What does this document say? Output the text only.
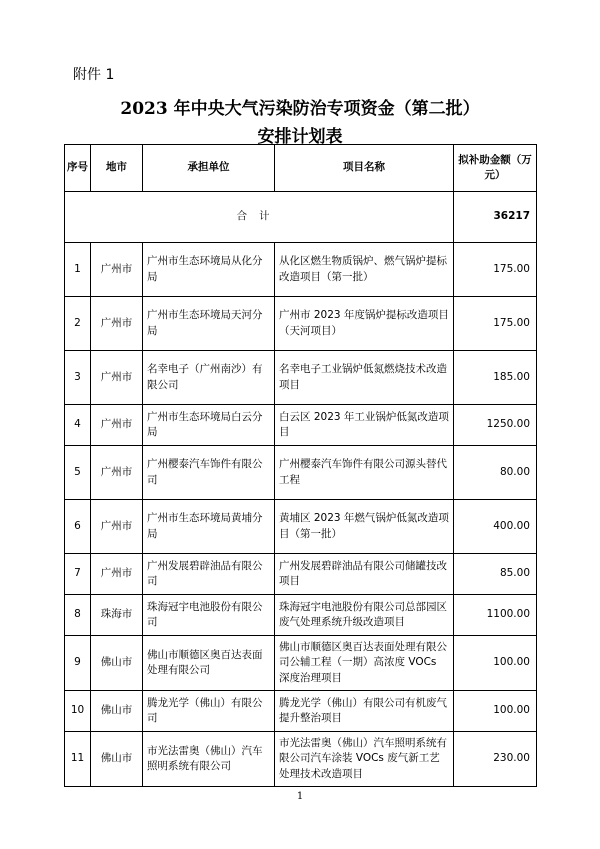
附件 1
2023 年中央大气污染防治专项资金（第二批）
安排计划表
序号	地市	承担单位	项目名称	拟补助金额（万元）
合计				36217
1	广州市	广州市生态环境局从化分局	从化区燃生物质锅炉、燃气锅炉提标改造项目（第一批）	175.00
2	广州市	广州市生态环境局天河分局	广州市 2023 年度锅炉提标改造项目（天河项目）	175.00
3	广州市	名幸电子（广州南沙）有限公司	名幸电子工业锅炉低氮燃烧技术改造项目	185.00
4	广州市	广州市生态环境局白云分局	白云区 2023 年工业锅炉低氮改造项目	1250.00
5	广州市	广州樱泰汽车饰件有限公司	广州樱泰汽车饰件有限公司源头替代工程	80.00
6	广州市	广州市生态环境局黄埔分局	黄埔区 2023 年燃气锅炉低氮改造项目（第一批）	400.00
7	广州市	广州发展碧辟油品有限公司	广州发展碧辟油品有限公司储罐技改项目	85.00
8	珠海市	珠海冠宇电池股份有限公司	珠海冠宇电池股份有限公司总部园区废气处理系统升级改造项目	1100.00
9	佛山市	佛山市顺德区奥百达表面处理有限公司	佛山市顺德区奥百达表面处理有限公司公辅工程（一期）高浓度 VOCs 深度治理项目	100.00
10	佛山市	腾龙光学（佛山）有限公司	腾龙光学（佛山）有限公司有机废气提升整治项目	100.00
11	佛山市	市光法雷奥（佛山）汽车照明系统有限公司	市光法雷奥（佛山）汽车照明系统有限公司汽车涂装 VOCs 废气新工艺处理技术改造项目	230.00
1
